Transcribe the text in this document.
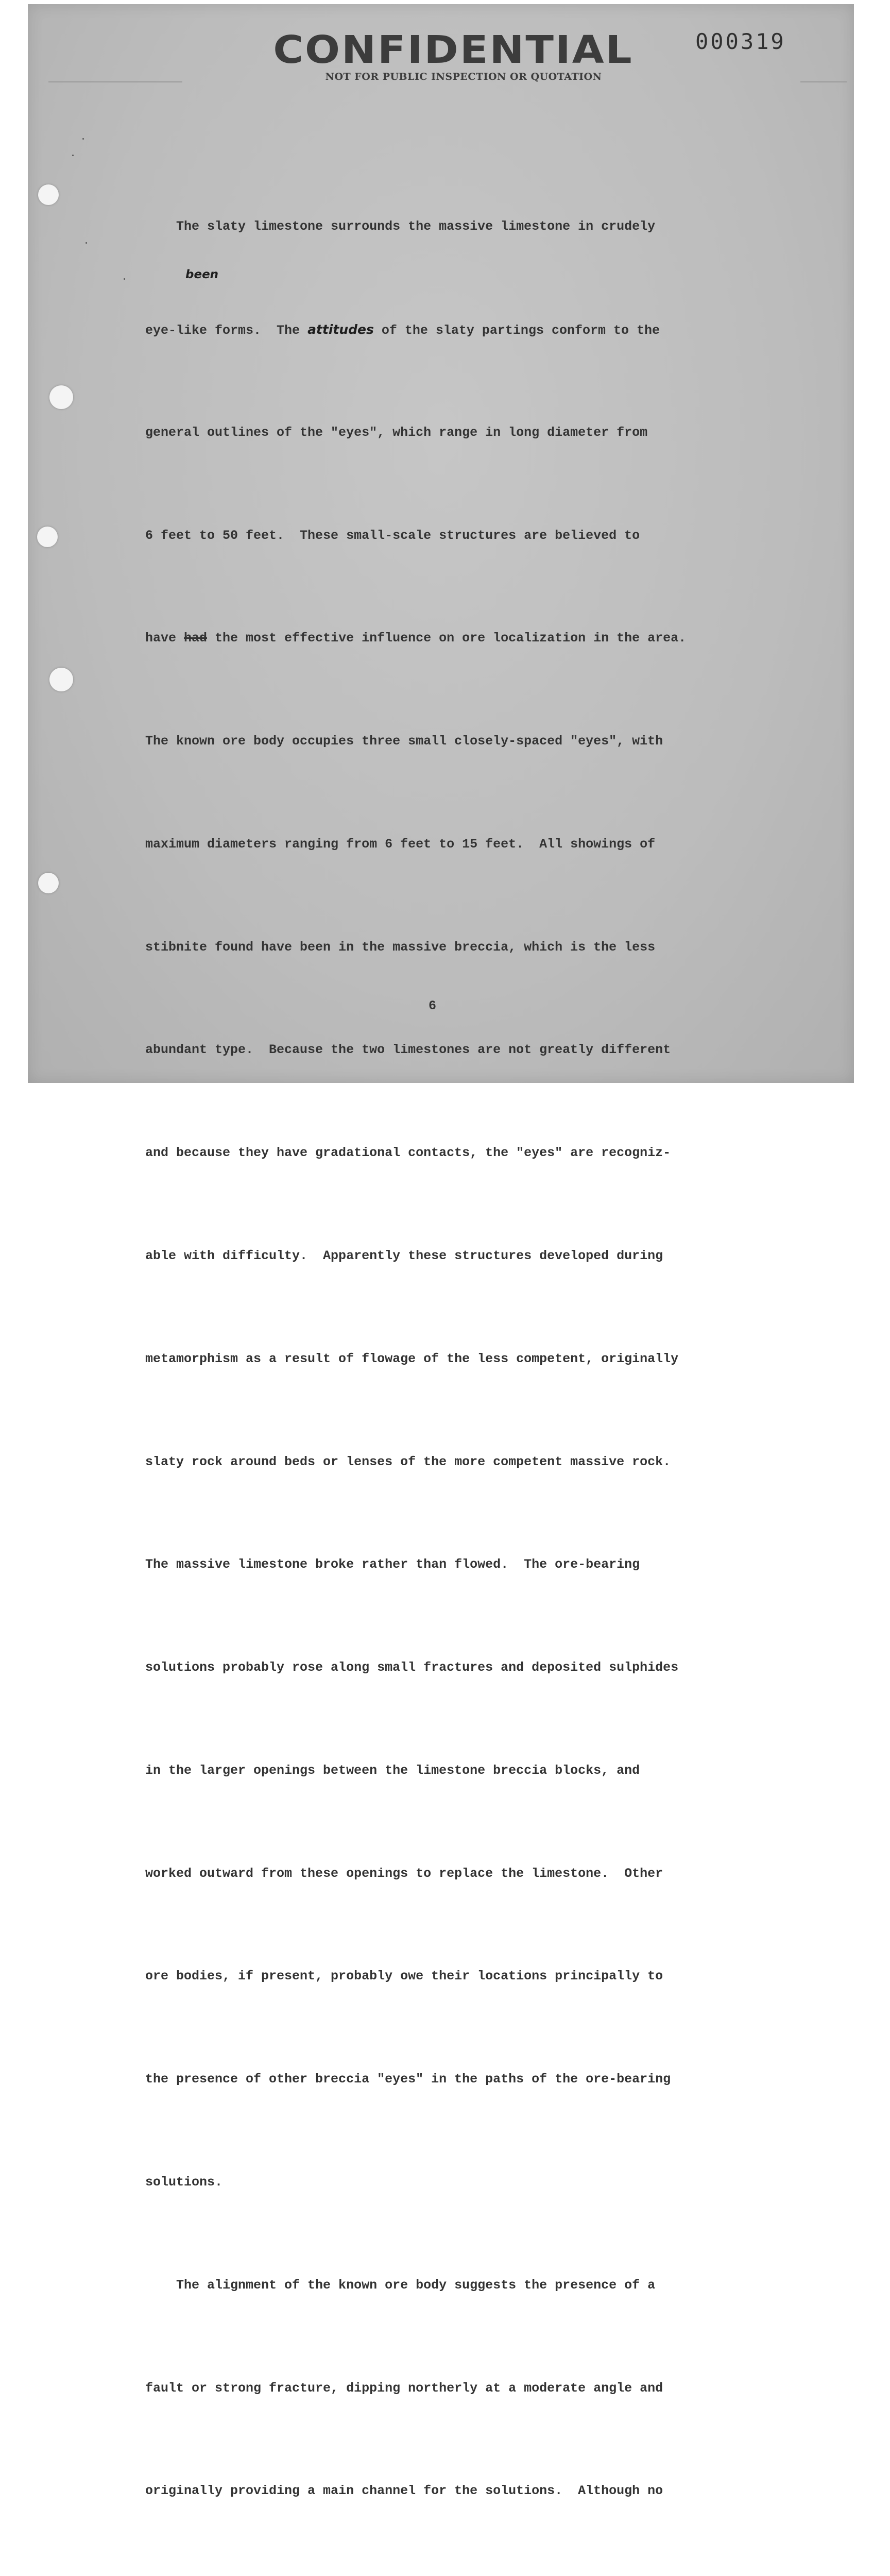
CONFIDENTIAL
NOT FOR PUBLIC INSPECTION OR QUOTATION
000319
been

The slaty limestone surrounds the massive limestone in crudely

eye-like forms.  The attitudes of the slaty partings conform to the

general outlines of the "eyes", which range in long diameter from

6 feet to 50 feet.  These small-scale structures are believed to

have had the most effective influence on ore localization in the area.

The known ore body occupies three small closely-spaced "eyes", with

maximum diameters ranging from 6 feet to 15 feet.  All showings of

stibnite found have been in the massive breccia, which is the less

abundant type.  Because the two limestones are not greatly different

and because they have gradational contacts, the "eyes" are recogniz-

able with difficulty.  Apparently these structures developed during

metamorphism as a result of flowage of the less competent, originally

slaty rock around beds or lenses of the more competent massive rock.

The massive limestone broke rather than flowed.  The ore-bearing

solutions probably rose along small fractures and deposited sulphides

in the larger openings between the limestone breccia blocks, and

worked outward from these openings to replace the limestone.  Other

ore bodies, if present, probably owe their locations principally to

the presence of other breccia "eyes" in the paths of the ore-bearing

solutions.

The alignment of the known ore body suggests the presence of a

fault or strong fracture, dipping northerly at a moderate angle and

originally providing a main channel for the solutions.  Although no

6
